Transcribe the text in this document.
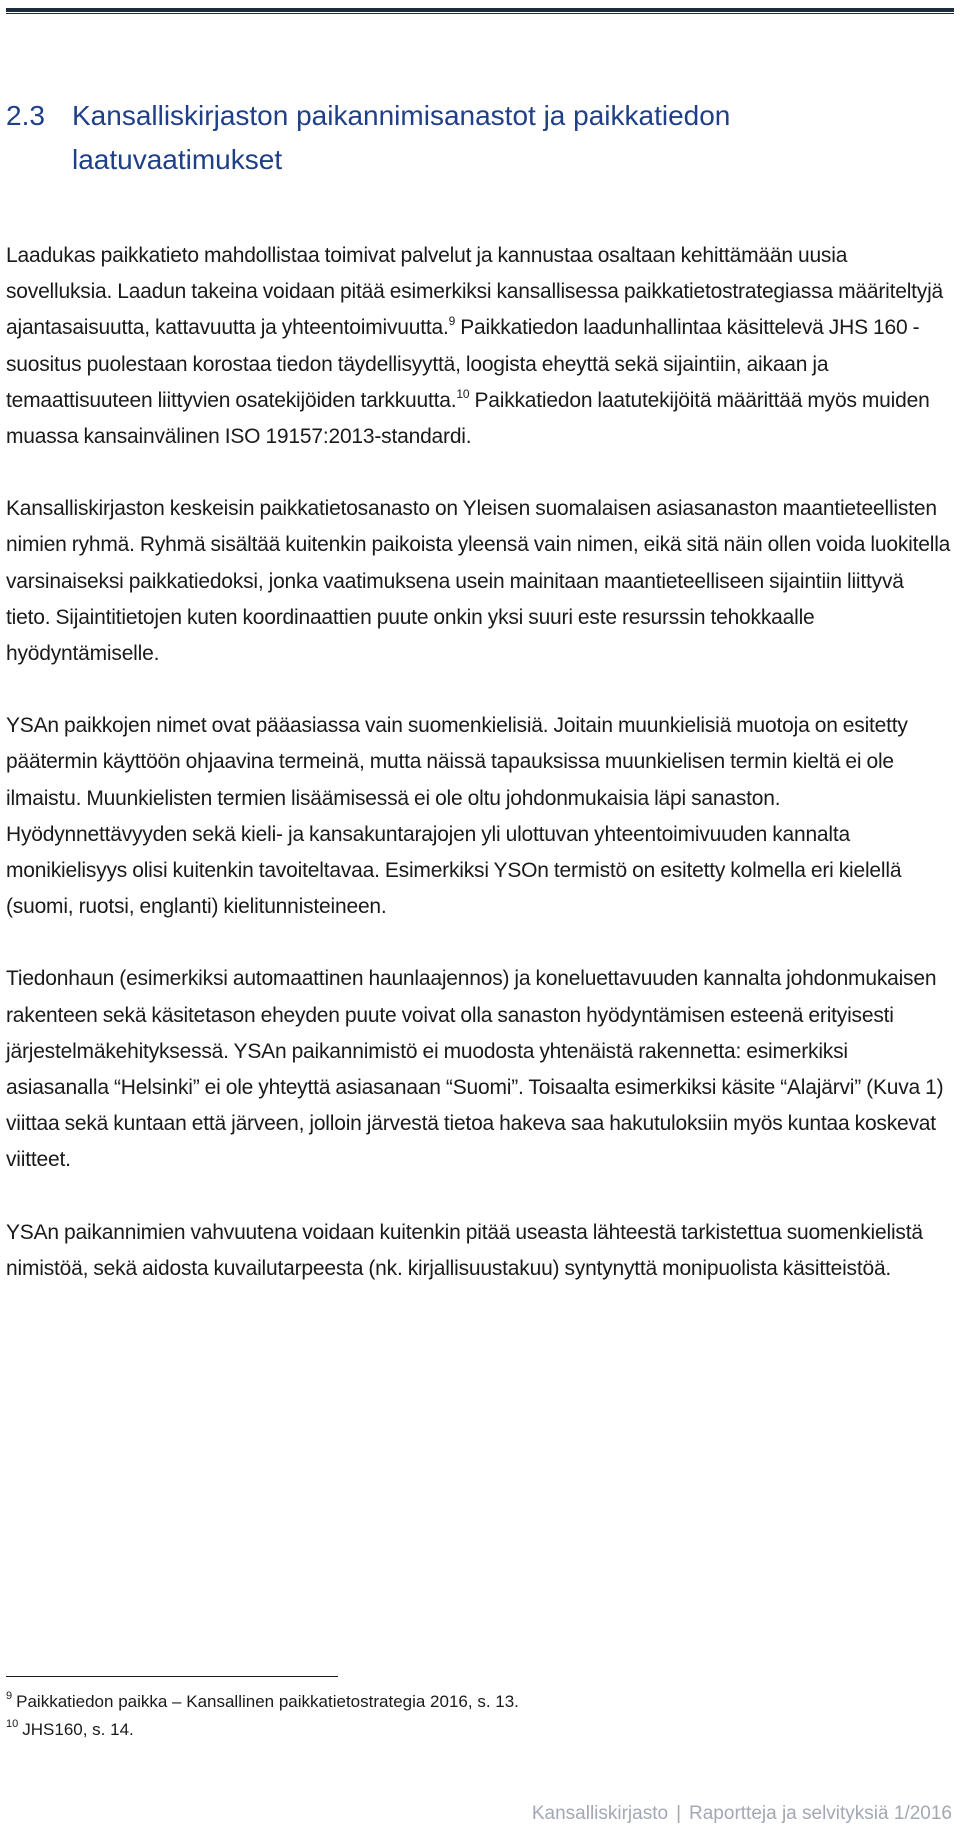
2.3 Kansalliskirjaston paikannimisanastot ja paikkatiedon laatuvaatimukset

Laadukas paikkatieto mahdollistaa toimivat palvelut ja kannustaa osaltaan kehittämään uusia sovelluksia. Laadun takeina voidaan pitää esimerkiksi kansallisessa paikkatietostrategiassa määriteltyjä ajantasaisuutta, kattavuutta ja yhteentoimivuutta.$^9$ Paikkatiedon laadunhallintaa käsittelevä JHS 160 -suositus puolestaan korostaa tiedon täydellisyyttä, loogista eheyttä sekä sijaintiin, aikaan ja temaattisuuteen liittyvien osatekijöiden tarkkuutta.$^{10}$ Paikkatiedon laatutekijöitä määrittää myös muiden muassa kansainvälinen ISO 19157:2013-standardi.

Kansalliskirjaston keskeisin paikkatietosanasto on Yleisen suomalaisen asiasanaston maantieteellisten nimien ryhmä. Ryhmä sisältää kuitenkin paikoista yleensä vain nimen, eikä sitä näin ollen voida luokitella varsinaiseksi paikkatiedoksi, jonka vaatimuksena usein mainitaan maantieteelliseen sijaintiin liittyvä tieto. Sijaintitietojen kuten koordinaattien puute onkin yksi suuri este resurssin tehokkaalle hyödyntämiselle.

YSAn paikkojen nimet ovat pääasiassa vain suomenkielisiä. Joitain muunkielisiä muotoja on esitetty päätermin käyttöön ohjaavina termeinä, mutta näissä tapauksissa muunkielisen termin kieltä ei ole ilmaistu. Muunkielisten termien lisäämisessä ei ole oltu johdonmukaisia läpi sanaston. Hyödynnettävyyden sekä kieli- ja kansakuntarajojen yli ulottuvan yhteentoimivuuden kannalta monikielisyys olisi kuitenkin tavoiteltavaa. Esimerkiksi YSOn termistö on esitetty kolmella eri kielellä (suomi, ruotsi, englanti) kielitunnisteineen.

Tiedonhaun (esimerkiksi automaattinen haunlaajennos) ja koneluettavuuden kannalta johdonmukaisen rakenteen sekä käsitetason eheyden puute voivat olla sanaston hyödyntämisen esteenä erityisesti järjestelmäkehityksessä. YSAn paikannimistö ei muodosta yhtenäistä rakennetta: esimerkiksi asiasanalla “Helsinki” ei ole yhteyttä asiasanaan “Suomi”. Toisaalta esimerkiksi käsite “Alajärvi” (Kuva 1) viittaa sekä kuntaan että järveen, jolloin järvestä tietoa hakeva saa hakutuloksiin myös kuntaa koskevat viitteet.

YSAn paikannimien vahvuutena voidaan kuitenkin pitää useasta lähteestä tarkistettua suomenkielistä nimistöä, sekä aidosta kuvailutarpeesta (nk. kirjallisuustakuu) syntynyttä monipuolista käsitteistöä.

$^9$ Paikkatiedon paikka – Kansallinen paikkatietostrategia 2016, s. 13.
$^{10}$ JHS160, s. 14.
Kansalliskirjasto | Raportteja ja selvityksiä 1/2016
